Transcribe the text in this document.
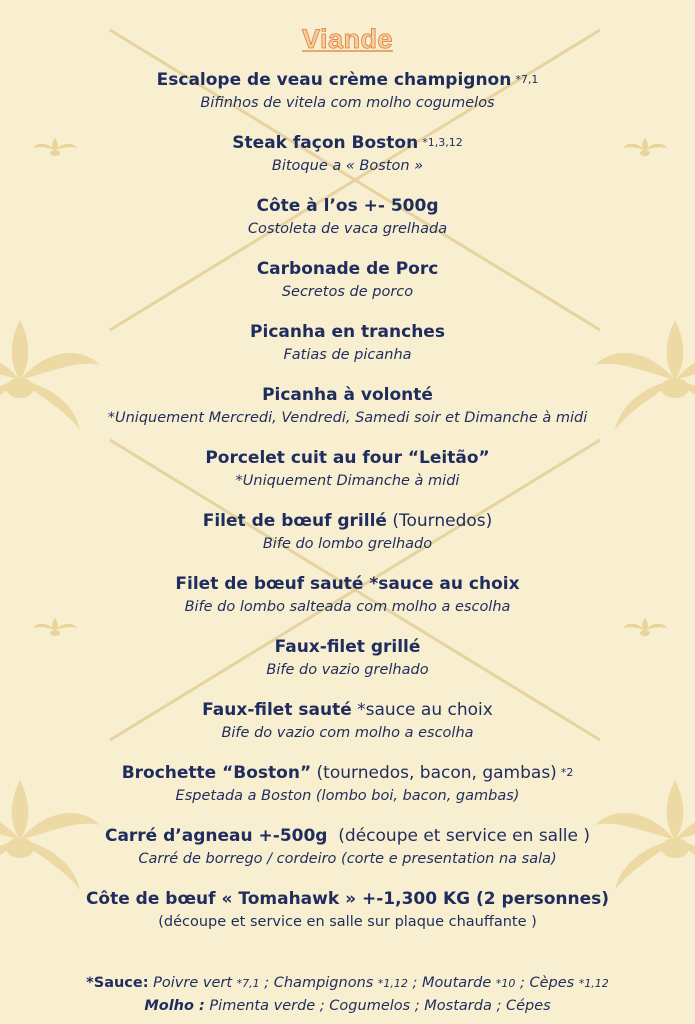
Viande
Escalope de veau crème champignon *7,1
Bifinhos de vitela com molho cogumelos
Steak façon Boston *1,3,12
Bitoque a « Boston »
Côte à l’os +- 500g
Costoleta de vaca grelhada
Carbonade de Porc
Secretos de porco
Picanha en tranches
Fatias de picanha
Picanha à volonté
*Uniquement Mercredi, Vendredi, Samedi soir et Dimanche à midi
Porcelet cuit au four “Leitão”
*Uniquement Dimanche à midi
Filet de bœuf grillé (Tournedos)
Bife do lombo grelhado
Filet de bœuf sauté *sauce au choix
Bife do lombo salteada com molho a escolha
Faux-filet grillé
Bife do vazio grelhado
Faux-filet sauté *sauce au choix
Bife do vazio com molho a escolha
Brochette “Boston” (tournedos, bacon, gambas) *2
Espetada a Boston (lombo boi, bacon, gambas)
Carré d’agneau +-500g  (découpe et service en salle )
Carré de borrego / cordeiro (corte e presentation na sala)
Côte de bœuf « Tomahawk » +-1,300 KG (2 personnes)
(découpe et service en salle sur plaque chauffante )
*Sauce: Poivre vert *7,1 ; Champignons *1,12 ; Moutarde *10 ; Cèpes *1,12
Molho : Pimenta verde ; Cogumelos ; Mostarda ; Cépes
